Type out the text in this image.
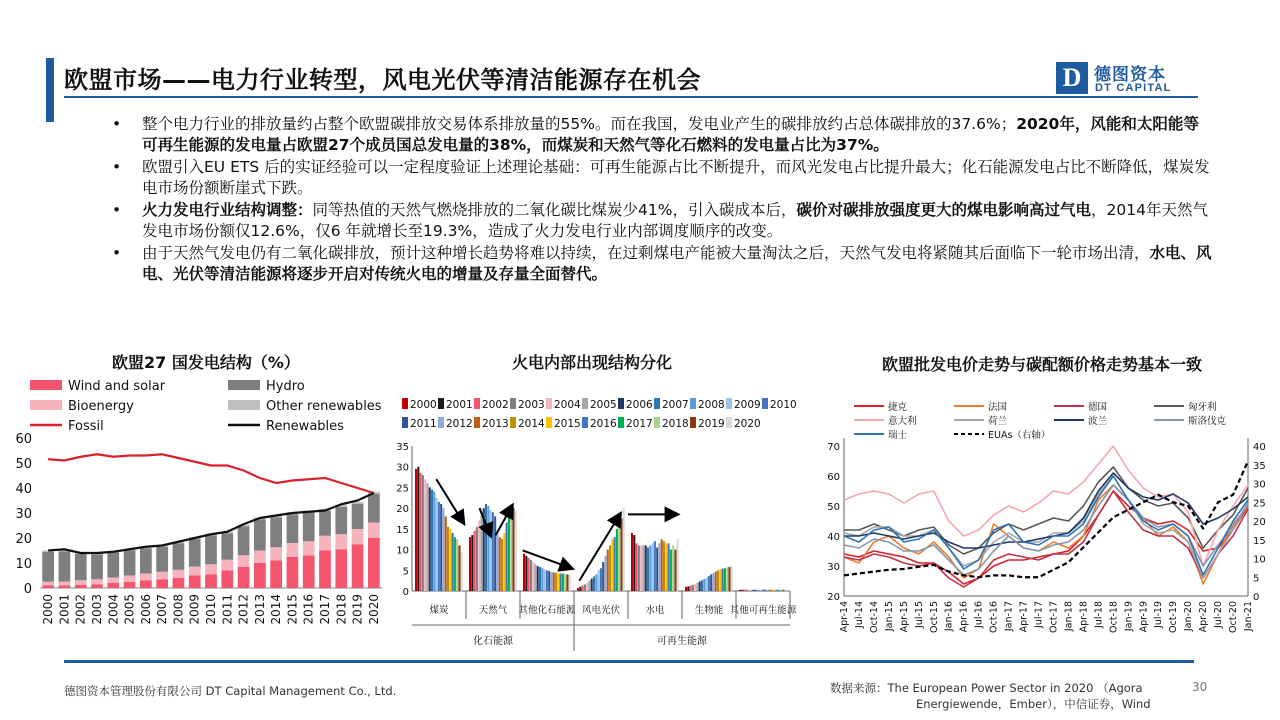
欧盟市场——电力行业转型，风电光伏等清洁能源存在机会	D 德图资本
DT CAPITAL
• 整个电力行业的排放量约占整个欧盟碳排放交易体系排放量的55%。而在我国，发电业产生的碳排放约占总体碳排放的37.6%；2020年，风能和太阳能等可再生能源的发电量占欧盟27个成员国总发电量的38%，而煤炭和天然气等化石燃料的发电量占比为37%。
• 欧盟引入EU ETS 后的实证经验可以一定程度验证上述理论基础：可再生能源占比不断提升，而风光发电占比提升最大；化石能源发电占比不断降低，煤炭发电市场份额断崖式下跌。
• 火力发电行业结构调整：同等热值的天然气燃烧排放的二氧化碳比煤炭少41%，引入碳成本后，碳价对碳排放强度更大的煤电影响高过气电，2014年天然气发电市场份额仅12.6%，仅6 年就增长至19.3%，造成了火力发电行业内部调度顺序的改变。
• 由于天然气发电仍有二氧化碳排放，预计这种增长趋势将难以持续，在过剩煤电产能被大量淘汰之后，天然气发电将紧随其后面临下一轮市场出清，水电、风电、光伏等清洁能源将逐步开启对传统火电的增量及存量全面替代。
欧盟27 国发电结构（%）	火电内部出现结构分化	欧盟批发电价走势与碳配额价格走势基本一致
Wind and solar	Hydro
Bioenergy	Other renewables
Fossil	Renewables
0
10
20
30
40
50
60
2000 2001 2002 2003 2004 2005 2006 2007 2008 2009 2010 2011 2012 2013 2014 2015 2016 2017 2018 2019 2020
2000 2001 2002 2003 2004 2005 2006 2007 2008 2009 2010
2011 2012 2013 2014 2015 2016 2017 2018 2019 2020
0
5
10
15
20
25
30
35
煤炭	天然气 其他化石能源 风电光伏	水电	生物能 其他可再生能源
化石能源	可再生能源
捷克	法国	德国	匈牙利
意大利	荷兰	波兰	斯洛伐克
瑞士	EUAs（右轴）
20
30
40
50
60
70
0
5
10
15
20
25
30
35
40
Apr-14 Jul-14 Oct-14 Jan-15 Apr-15 Jul-15 Oct-15 Jan-16 Apr-16 Jul-16 Oct-16 Jan-17 Apr-17 Jul-17 Oct-17 Jan-18 Apr-18 Jul-18 Oct-18 Jan-19 Apr-19 Jul-19 Oct-19 Jan-20 Apr-20 Jul-20 Oct-20 Jan-21
德图资本管理股份有限公司 DT Capital Management Co., Ltd.	数据来源：The European Power Sector in 2020 （Agora
Energiewende，Ember），中信证券，Wind
30
